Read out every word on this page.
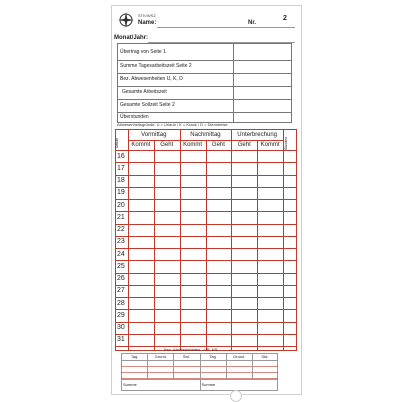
STK/WSZ	2
Name:	Nr.
Monat/Jahr:
Übertrag von Seite 1
Summe Tagesarbeitszeit Seite 2
Bez. Abwesenheiten U, K, D
Gesamte Arbeitszeit
Gesamte Sollzeit Seite 2
Überstunden
Abwesenheitsgründe: U = Urlaub / K = Krank / D = Dienstreise
Vormittag	Nachmittag	Unterbrechung
Kommt	Geht	Kommt	Geht	Geht	Kommt
Datum	Stunden
16
17
18
19
20
21
22
23
24
25
26
27
28
29
30
31
Bez. Abwesenheiten - UR, KR,
Tag	Grund	Std.	Tag	Grund	Std.
Summe	Summe
